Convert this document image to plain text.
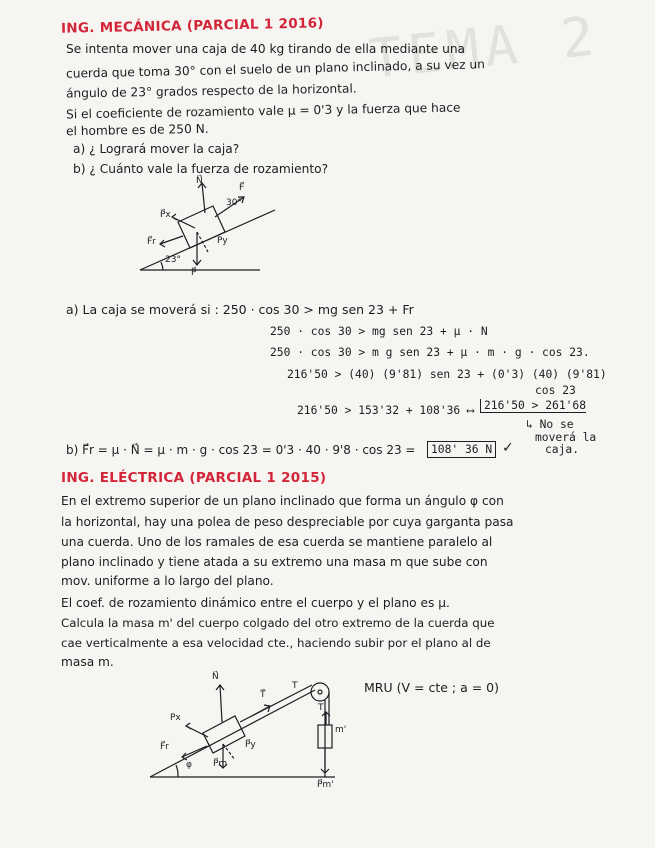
TEMA 2
ING. MECÁNICA (PARCIAL 1 2016)
Se intenta mover una caja de 40 kg tirando de ella mediante una
cuerda que toma 30° con el suelo de un plano inclinado, a su vez un
ángulo de 23° grados respecto de la horizontal.
Si el coeficiente de rozamiento vale μ = 0'3 y la fuerza que hace
el hombre es de 250 N.
a) ¿ Logrará mover la caja?
b) ¿ Cuánto vale la fuerza de rozamiento?
N⃗
F⃗
30°
P⃗x
F⃗r	Py
23°
P⃗
a) La caja se moverá si : 250 · cos 30 > mg sen 23 + Fr
250 · cos 30 > mg sen 23 + μ · N
250 · cos 30 > m g sen 23 + μ · m · g · cos 23.
216'50 > (40) (9'81) sen 23 + (0'3) (40) (9'81)
cos 23
216'50 > 153'32 + 108'36 ⟷ 216'50 > 261'68
↳ No se
moverá la
caja.
b) F⃗r = μ · N⃗ = μ · m · g · cos 23 = 0'3 · 40 · 9'8 · cos 23 =	108' 36 N ✓
ING. ELÉCTRICA (PARCIAL 1 2015)
En el extremo superior de un plano inclinado que forma un ángulo φ con
la horizontal, hay una polea de peso despreciable por cuya garganta pasa
una cuerda. Uno de los ramales de esa cuerda se mantiene paralelo al
plano inclinado y tiene atada a su extremo una masa m que sube con
mov. uniforme a lo largo del plano.
El coef. de rozamiento dinámico entre el cuerpo y el plano es μ.
Calcula la masa m' del cuerpo colgado del otro extremo de la cuerda que
cae verticalmente a esa velocidad cte., haciendo subir por el plano al de
masa m.
MRU (V = cte ; a = 0)
N⃗
T⃗
T
T
Px
F⃗r	P⃗y
P⃗m
φ
m'
P⃗m'
